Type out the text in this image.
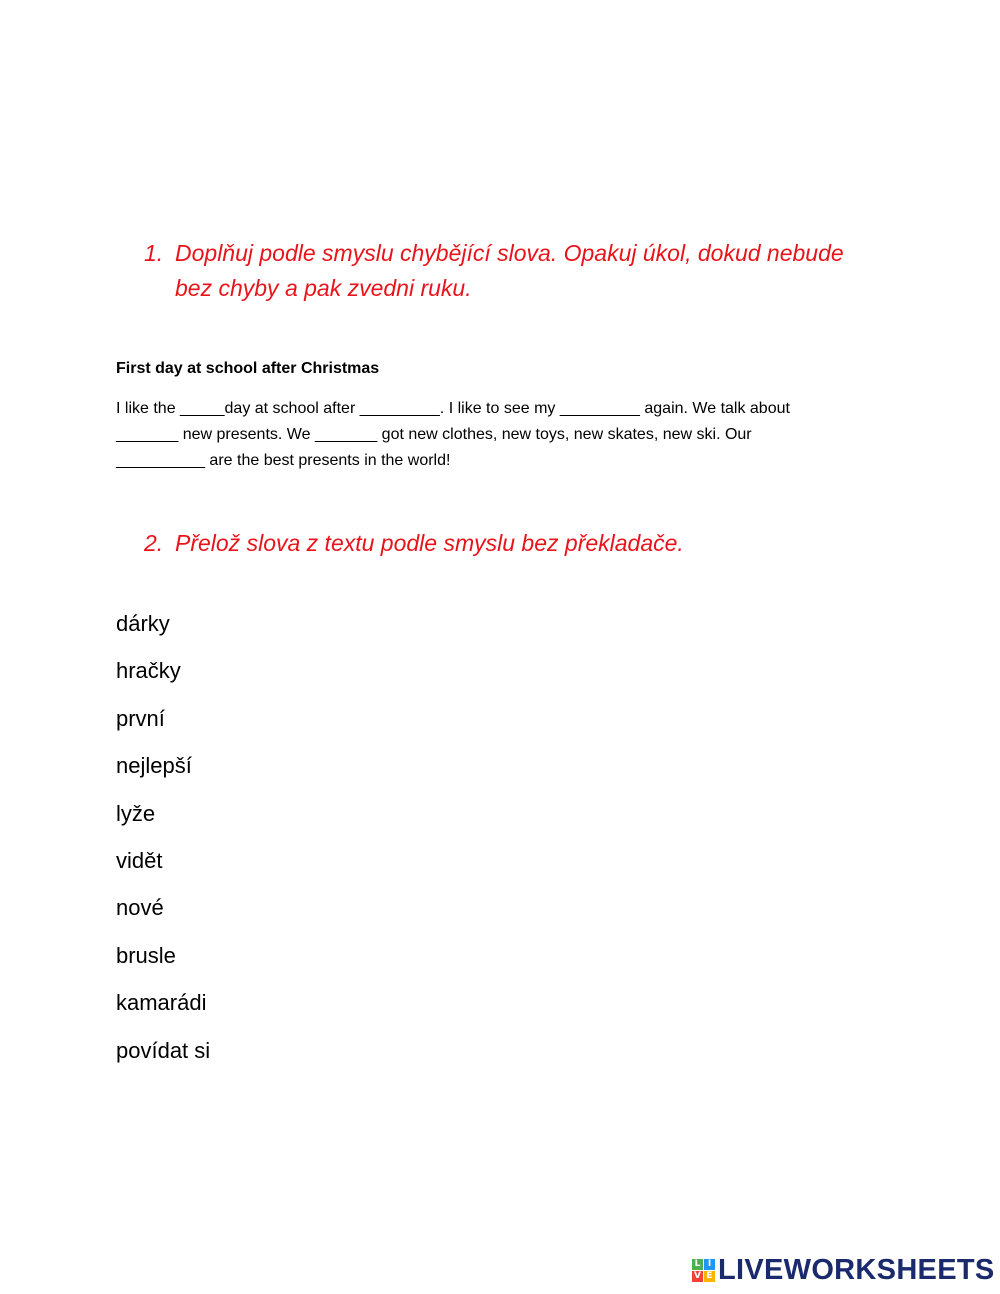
1. Doplňuj podle smyslu chybějící slova. Opakuj úkol, dokud nebude bez chyby a pak zvedni ruku.
First day at school after Christmas
I like the _____day at school after _________. I like to see my _________ again. We talk about
_______ new presents. We _______ got new clothes, new toys, new skates, new ski. Our
__________ are the best presents in the world!
2. Přelož slova z textu podle smyslu bez překladače.
dárky
hračky
první
nejlepší
lyže
vidět
nové
brusle
kamarádi
povídat si
L I
V E LIVEWORKSHEETS
